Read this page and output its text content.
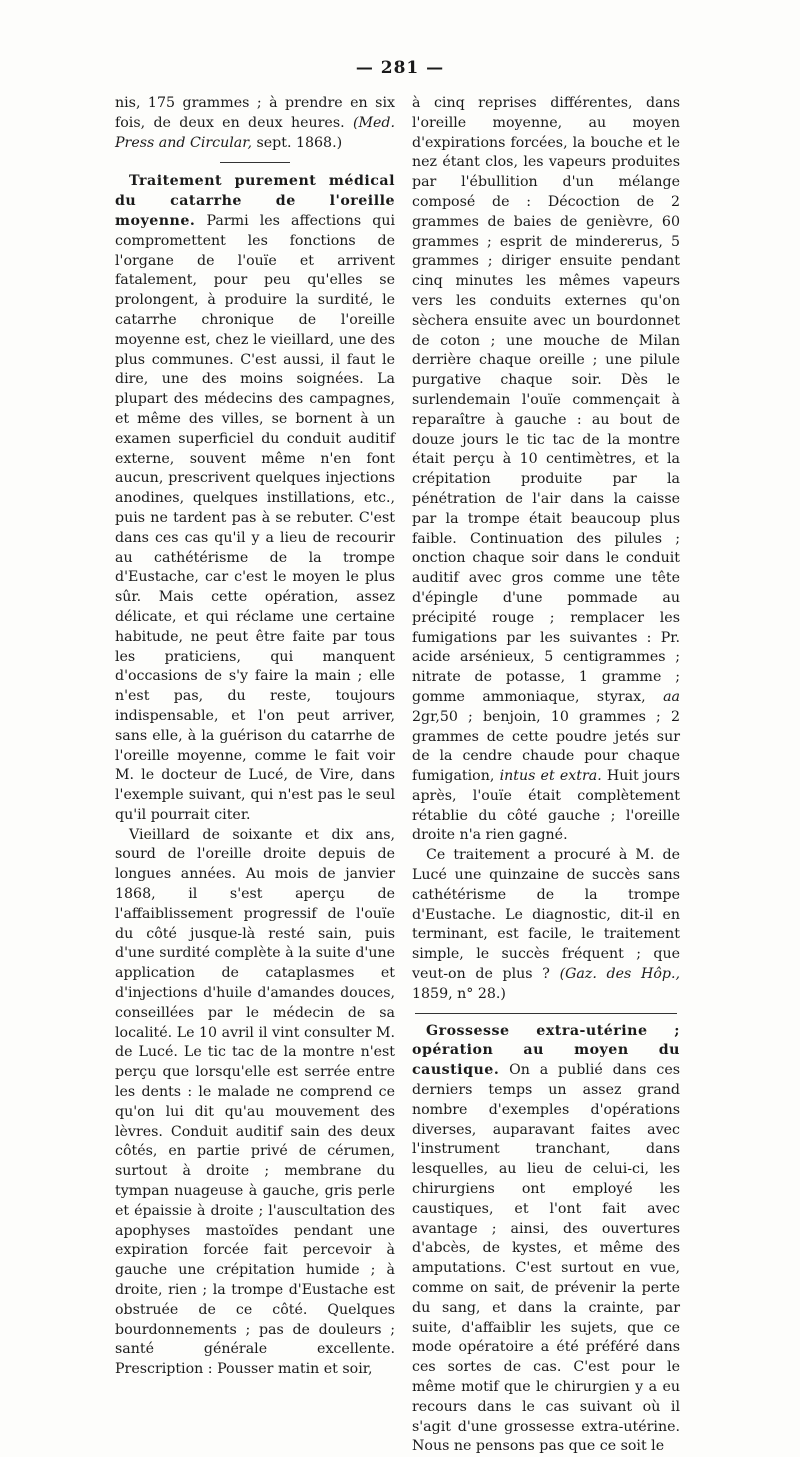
— 281 —

nis, 175 grammes ; à prendre en six fois, de deux en deux heures. (Med. Press and Circular, sept. 1868.)

Traitement purement médical du catarrhe de l'oreille moyenne. Parmi les affections qui compromettent les fonctions de l'organe de l'ouïe et arrivent fatalement, pour peu qu'elles se prolongent, à produire la surdité, le catarrhe chronique de l'oreille moyenne est, chez le vieillard, une des plus communes. C'est aussi, il faut le dire, une des moins soignées. La plupart des médecins des campagnes, et même des villes, se bornent à un examen superficiel du conduit auditif externe, souvent même n'en font aucun, prescrivent quelques injections anodines, quelques instillations, etc., puis ne tardent pas à se rebuter. C'est dans ces cas qu'il y a lieu de recourir au cathétérisme de la trompe d'Eustache, car c'est le moyen le plus sûr. Mais cette opération, assez délicate, et qui réclame une certaine habitude, ne peut être faite par tous les praticiens, qui manquent d'occasions de s'y faire la main ; elle n'est pas, du reste, toujours indispensable, et l'on peut arriver, sans elle, à la guérison du catarrhe de l'oreille moyenne, comme le fait voir M. le docteur de Lucé, de Vire, dans l'exemple suivant, qui n'est pas le seul qu'il pourrait citer.

Vieillard de soixante et dix ans, sourd de l'oreille droite depuis de longues années. Au mois de janvier 1868, il s'est aperçu de l'affaiblissement progressif de l'ouïe du côté jusque-là resté sain, puis d'une surdité complète à la suite d'une application de cataplasmes et d'injections d'huile d'amandes douces, conseillées par le médecin de sa localité. Le 10 avril il vint consulter M. de Lucé. Le tic tac de la montre n'est perçu que lorsqu'elle est serrée entre les dents : le malade ne comprend ce qu'on lui dit qu'au mouvement des lèvres. Conduit auditif sain des deux côtés, en partie privé de cérumen, surtout à droite ; membrane du tympan nuageuse à gauche, gris perle et épaissie à droite ; l'auscultation des apophyses mastoïdes pendant une expiration forcée fait percevoir à gauche une crépitation humide ; à droite, rien ; la trompe d'Eustache est obstruée de ce côté. Quelques bourdonnements ; pas de douleurs ; santé générale excellente. Prescription : Pousser matin et soir,

à cinq reprises différentes, dans l'oreille moyenne, au moyen d'expirations forcées, la bouche et le nez étant clos, les vapeurs produites par l'ébullition d'un mélange composé de : Décoction de 2 grammes de baies de genièvre, 60 grammes ; esprit de mindererus, 5 grammes ; diriger ensuite pendant cinq minutes les mêmes vapeurs vers les conduits externes qu'on sèchera ensuite avec un bourdonnet de coton ; une mouche de Milan derrière chaque oreille ; une pilule purgative chaque soir. Dès le surlendemain l'ouïe commençait à reparaître à gauche : au bout de douze jours le tic tac de la montre était perçu à 10 centimètres, et la crépitation produite par la pénétration de l'air dans la caisse par la trompe était beaucoup plus faible. Continuation des pilules ; onction chaque soir dans le conduit auditif avec gros comme une tête d'épingle d'une pommade au précipité rouge ; remplacer les fumigations par les suivantes : Pr. acide arsénieux, 5 centigrammes ; nitrate de potasse, 1 gramme ; gomme ammoniaque, styrax, aa 2gr,50 ; benjoin, 10 grammes ; 2 grammes de cette poudre jetés sur de la cendre chaude pour chaque fumigation, intus et extra. Huit jours après, l'ouïe était complètement rétablie du côté gauche ; l'oreille droite n'a rien gagné.

Ce traitement a procuré à M. de Lucé une quinzaine de succès sans cathétérisme de la trompe d'Eustache. Le diagnostic, dit-il en terminant, est facile, le traitement simple, le succès fréquent ; que veut-on de plus ? (Gaz. des Hôp., 1859, n° 28.)

Grossesse extra-utérine ; opération au moyen du caustique. On a publié dans ces derniers temps un assez grand nombre d'exemples d'opérations diverses, auparavant faites avec l'instrument tranchant, dans lesquelles, au lieu de celui-ci, les chirurgiens ont employé les caustiques, et l'ont fait avec avantage ; ainsi, des ouvertures d'abcès, de kystes, et même des amputations. C'est surtout en vue, comme on sait, de prévenir la perte du sang, et dans la crainte, par suite, d'affaiblir les sujets, que ce mode opératoire a été préféré dans ces sortes de cas. C'est pour le même motif que le chirurgien y a eu recours dans le cas suivant où il s'agit d'une grossesse extra-utérine. Nous ne pensons pas que ce soit le
